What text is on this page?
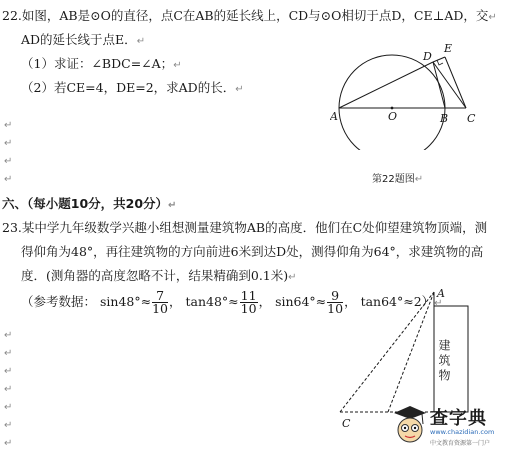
22.如图，AB是⊙O的直径，点C在AB的延长线上，CD与⊙O相切于点D，CE⊥AD，交↵
AD的延长线于点E．↵
（1）求证：∠BDC=∠A；↵
（2）若CE=4，DE=2，求AD的长．↵
↵
↵
↵
↵
A	O	B C
D
E
第22题图↵
六、（每小题10分，共20分）↵
23.某中学九年级数学兴趣小组想测量建筑物AB的高度．他们在C处仰望建筑物顶端，测
得仰角为48°，再往建筑物的方向前进6米到达D处，测得仰角为64°，求建筑物的高
度．(测角器的高度忽略不计，结果精确到0.1米)↵
（参考数据： $\sin 48^\circ\approx \frac{7}{10}$ ， $\tan 48^\circ\approx \frac{11}{10}$ ， $\sin 64^\circ\approx \frac{9}{10}$ ， tan64°≈2）↵
↵
↵
↵
↵
↵
↵
↵
A
C
建筑物
查字典
www.chazidian.com
中文教育资源第一门户
